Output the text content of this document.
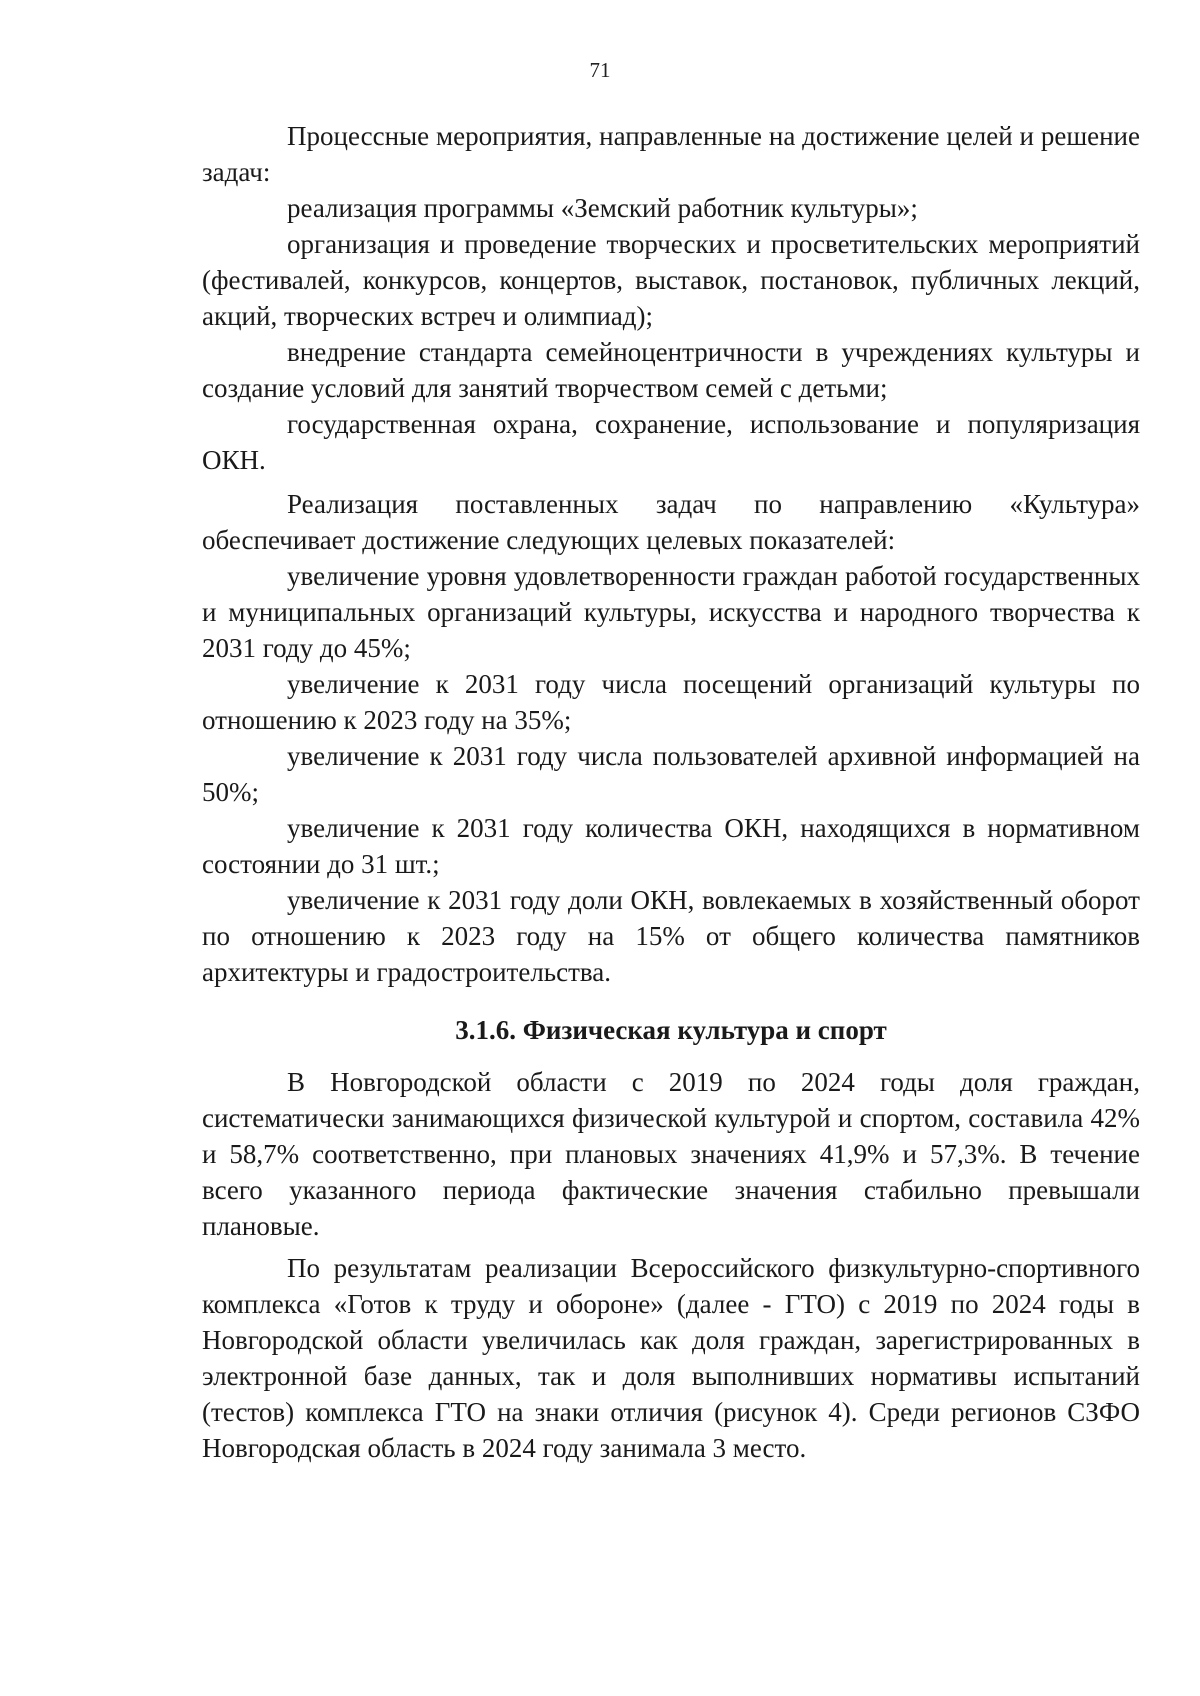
71

Процессные мероприятия, направленные на достижение целей и решение задач:

реализация программы «Земский работник культуры»;

организация и проведение творческих и просветительских мероприятий (фестивалей, конкурсов, концертов, выставок, постановок, публичных лекций, акций, творческих встреч и олимпиад);

внедрение стандарта семейноцентричности в учреждениях культуры и создание условий для занятий творчеством семей с детьми;

государственная охрана, сохранение, использование и популяризация ОКН.

Реализация поставленных задач по направлению «Культура» обеспечивает достижение следующих целевых показателей:

увеличение уровня удовлетворенности граждан работой государственных и муниципальных организаций культуры, искусства и народного творчества к 2031 году до 45%;

увеличение к 2031 году числа посещений организаций культуры по отношению к 2023 году на 35%;

увеличение к 2031 году числа пользователей архивной информацией на 50%;

увеличение к 2031 году количества ОКН, находящихся в нормативном состоянии до 31 шт.;

увеличение к 2031 году доли ОКН, вовлекаемых в хозяйственный оборот по отношению к 2023 году на 15% от общего количества памятников архитектуры и градостроительства.

3.1.6. Физическая культура и спорт

В Новгородской области с 2019 по 2024 годы доля граждан, систематически занимающихся физической культурой и спортом, составила 42% и 58,7% соответственно, при плановых значениях 41,9% и 57,3%. В течение всего указанного периода фактические значения стабильно превышали плановые.

По результатам реализации Всероссийского физкультурно-спортивного комплекса «Готов к труду и обороне» (далее - ГТО) с 2019 по 2024 годы в Новгородской области увеличилась как доля граждан, зарегистрированных в электронной базе данных, так и доля выполнивших нормативы испытаний (тестов) комплекса ГТО на знаки отличия (рисунок 4). Среди регионов СЗФО Новгородская область в 2024 году занимала 3 место.
